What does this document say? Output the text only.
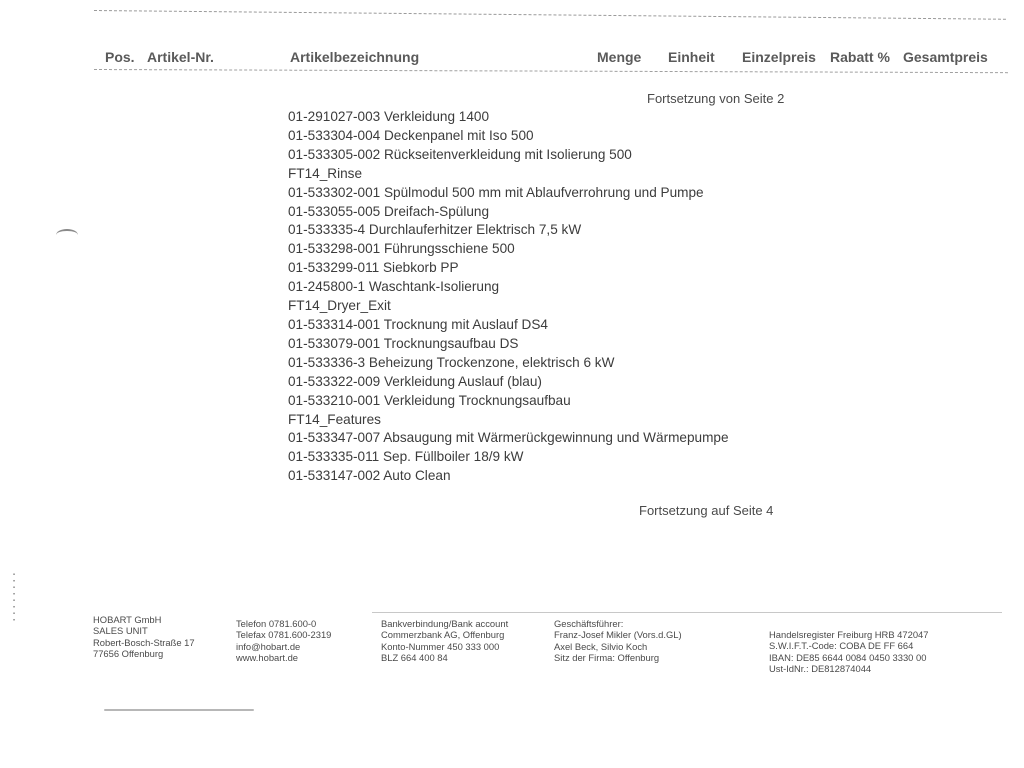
Pos. Artikel-Nr.	Artikelbezeichnung	Menge Einheit Einzelpreis Rabatt % Gesamtpreis
Fortsetzung von Seite 2
01-291027-003 Verkleidung 1400
01-533304-004 Deckenpanel mit Iso 500
01-533305-002 Rückseitenverkleidung mit Isolierung 500
FT14_Rinse
01-533302-001 Spülmodul 500 mm mit Ablaufverrohrung und Pumpe
01-533055-005 Dreifach-Spülung
01-533335-4 Durchlauferhitzer Elektrisch 7,5 kW
01-533298-001 Führungsschiene 500
01-533299-011 Siebkorb PP
01-245800-1 Waschtank-Isolierung
FT14_Dryer_Exit
01-533314-001 Trocknung mit Auslauf DS4
01-533079-001 Trocknungsaufbau DS
01-533336-3 Beheizung Trockenzone, elektrisch 6 kW
01-533322-009 Verkleidung Auslauf (blau)
01-533210-001 Verkleidung Trocknungsaufbau
FT14_Features
01-533347-007 Absaugung mit Wärmerückgewinnung und Wärmepumpe
01-533335-011 Sep. Füllboiler 18/9 kW
01-533147-002 Auto Clean
Fortsetzung auf Seite 4
▪▪▪▪▪▪▪▪	HOBART GmbH
SALES UNIT
Robert-Bosch-Straße 17
77656 Offenburg
Telefon 0781.600-0
Telefax 0781.600-2319
info@hobart.de
www.hobart.de
Bankverbindung/Bank account
Commerzbank AG, Offenburg
Konto-Nummer 450 333 000
BLZ 664 400 84
Geschäftsführer:
Franz-Josef Mikler (Vors.d.GL)
Axel Beck, Silvio Koch
Sitz der Firma: Offenburg
Handelsregister Freiburg HRB 472047
S.W.I.F.T.-Code: COBA DE FF 664
IBAN: DE85 6644 0084 0450 3330 00
Ust-IdNr.: DE812874044
